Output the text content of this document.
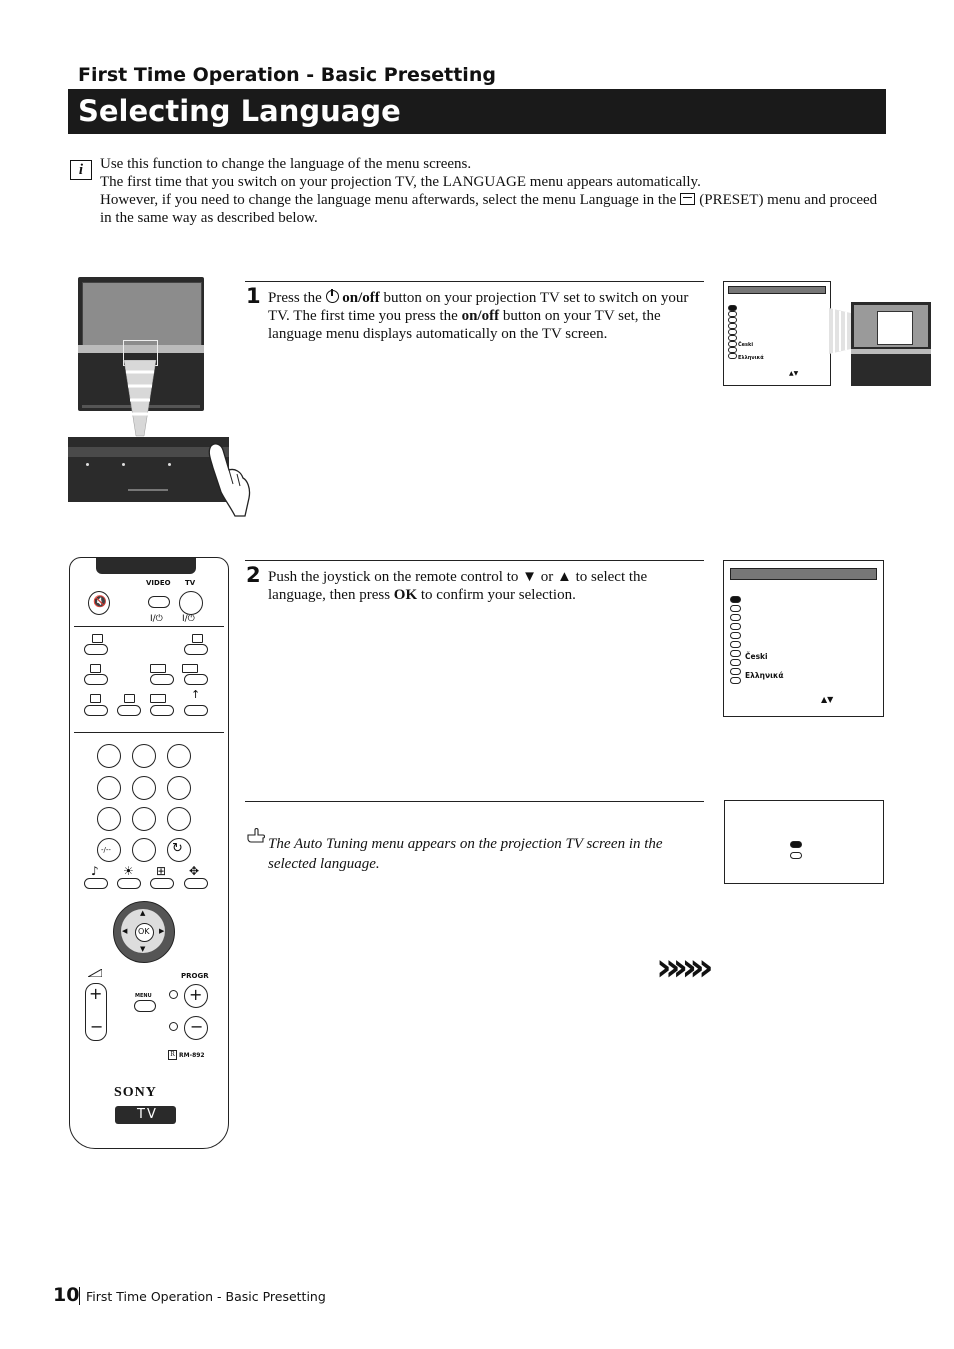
First Time Operation - Basic Presetting
Selecting Language
i	Use this function to change the language of the menu screens.
The first time that you switch on your projection TV, the LANGUAGE menu appears automatically.
However, if you need to change the language menu afterwards, select the menu Language in the (PRESET) menu and proceed in the same way as described below.
1 Press the on/off button on your projection TV set to switch on your TV. The first time you press the on/off button on your TV set, the language menu displays automatically on the TV screen.
Česki
Ελληνικά
▲▼
VIDEO TV
🔇
I/⏻ I/⏻
↑
-/--	↻
♪ ☀ ⊞ ✥
OK
▲
▼
◀	▶
PROGR
+
−
MENU +
−
R RM-892
SONY
TV
2 Push the joystick on the remote control to ▼ or ▲ to select the language, then press OK to confirm your selection.
Česki
Ελληνικά
▲▼
The Auto Tuning menu appears on the projection TV screen in the selected language.
»»»
10 First Time Operation - Basic Presetting
